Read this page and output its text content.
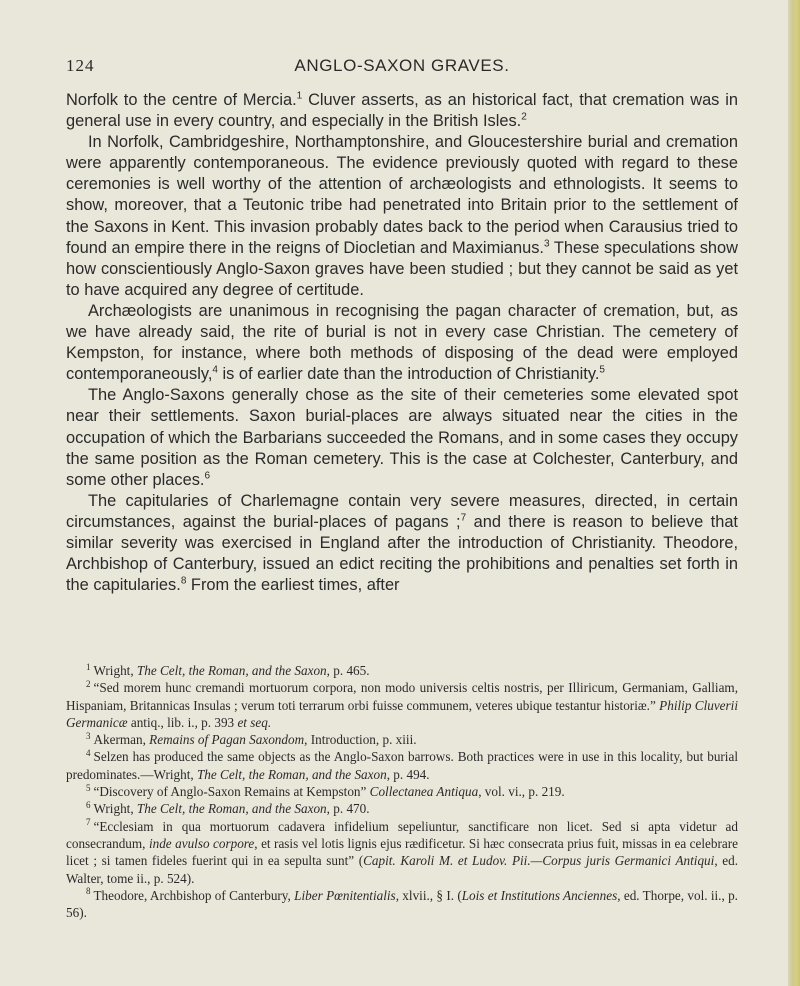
124	ANGLO-SAXON GRAVES.

Norfolk to the centre of Mercia.$^1$ Cluver asserts, as an historical fact, that cremation was in general use in every country, and especially in the British Isles.$^2$

In Norfolk, Cambridgeshire, Northamptonshire, and Gloucestershire burial and cremation were apparently contemporaneous. The evidence previously quoted with regard to these ceremonies is well worthy of the attention of archæologists and ethnologists. It seems to show, moreover, that a Teutonic tribe had penetrated into Britain prior to the settlement of the Saxons in Kent. This invasion probably dates back to the period when Carausius tried to found an empire there in the reigns of Diocletian and Maximianus.$^3$ These speculations show how conscientiously Anglo-Saxon graves have been studied ; but they cannot be said as yet to have acquired any degree of certitude.

Archæologists are unanimous in recognising the pagan character of cremation, but, as we have already said, the rite of burial is not in every case Christian. The cemetery of Kempston, for instance, where both methods of disposing of the dead were employed contemporaneously,$^4$ is of earlier date than the introduction of Christianity.$^5$

The Anglo-Saxons generally chose as the site of their cemeteries some elevated spot near their settlements. Saxon burial-places are always situated near the cities in the occupation of which the Barbarians succeeded the Romans, and in some cases they occupy the same position as the Roman cemetery. This is the case at Colchester, Canterbury, and some other places.$^6$

The capitularies of Charlemagne contain very severe measures, directed, in certain circumstances, against the burial-places of pagans ;$^7$ and there is reason to believe that similar severity was exercised in England after the introduction of Christianity. Theodore, Archbishop of Canterbury, issued an edict reciting the prohibitions and penalties set forth in the capitularies.$^8$ From the earliest times, after

$^1$ Wright, The Celt, the Roman, and the Saxon, p. 465.

$^2$ “Sed morem hunc cremandi mortuorum corpora, non modo universis celtis nostris, per Illiricum, Germaniam, Galliam, Hispaniam, Britannicas Insulas ; verum toti terrarum orbi fuisse communem, veteres ubique testantur historiæ.” Philip Cluverii Germanicæ antiq., lib. i., p. 393 et seq.

$^3$ Akerman, Remains of Pagan Saxondom, Introduction, p. xiii.

$^4$ Selzen has produced the same objects as the Anglo-Saxon barrows. Both practices were in use in this locality, but burial predominates.—Wright, The Celt, the Roman, and the Saxon, p. 494.

$^5$ “Discovery of Anglo-Saxon Remains at Kempston” Collectanea Antiqua, vol. vi., p. 219.

$^6$ Wright, The Celt, the Roman, and the Saxon, p. 470.

$^7$ “Ecclesiam in qua mortuorum cadavera infidelium sepeliuntur, sanctificare non licet. Sed si apta videtur ad consecrandum, inde avulso corpore, et rasis vel lotis lignis ejus rædificetur. Si hæc consecrata prius fuit, missas in ea celebrare licet ; si tamen fideles fuerint qui in ea sepulta sunt” (Capit. Karoli M. et Ludov. Pii.—Corpus juris Germanici Antiqui, ed. Walter, tome ii., p. 524).

$^8$ Theodore, Archbishop of Canterbury, Liber Pœnitentialis, xlvii., § I. (Lois et Institutions Anciennes, ed. Thorpe, vol. ii., p. 56).
